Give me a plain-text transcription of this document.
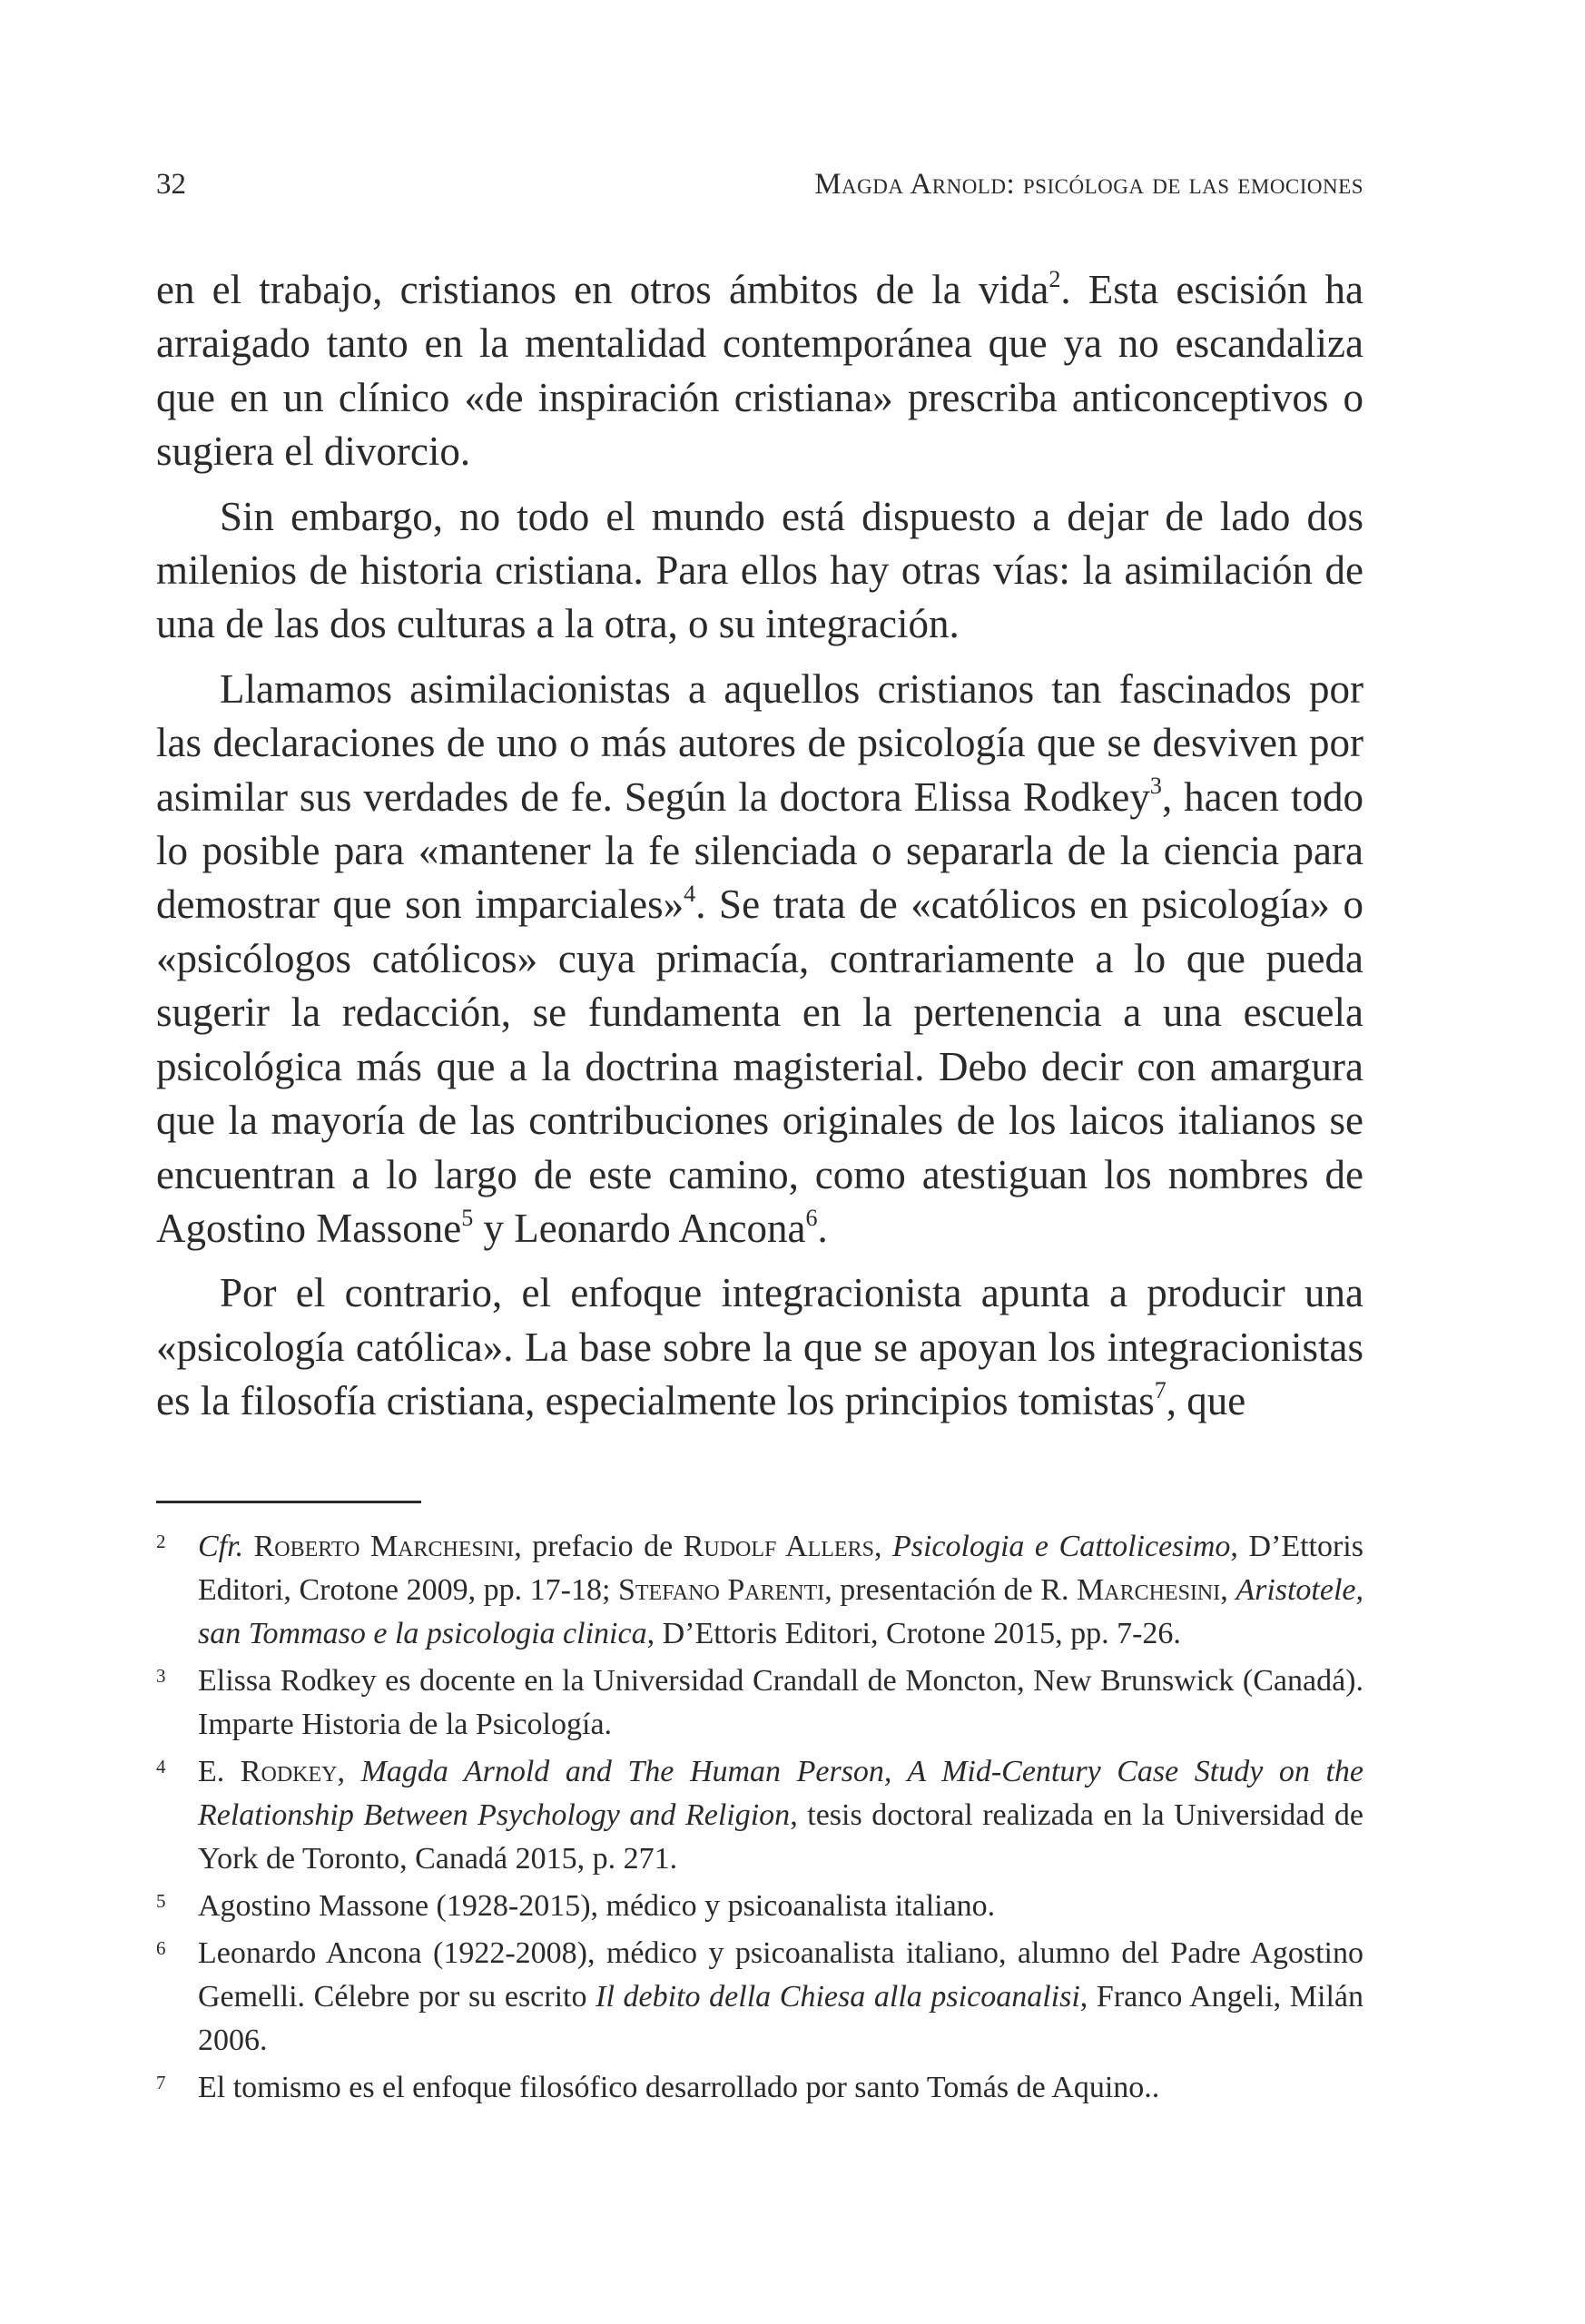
32	Magda Arnold: psicóloga de las emociones

en el trabajo, cristianos en otros ámbitos de la vida$^2$. Esta escisión ha arraigado tanto en la mentalidad contemporánea que ya no escandaliza que en un clínico «de inspiración cristiana» prescriba anticonceptivos o sugiera el divorcio.

Sin embargo, no todo el mundo está dispuesto a dejar de lado dos milenios de historia cristiana. Para ellos hay otras vías: la asimilación de una de las dos culturas a la otra, o su integración.

Llamamos asimilacionistas a aquellos cristianos tan fascinados por las declaraciones de uno o más autores de psicología que se desviven por asimilar sus verdades de fe. Según la doctora Elissa Rodkey$^3$, hacen todo lo posible para «mantener la fe silenciada o separarla de la ciencia para demostrar que son imparciales»$^4$. Se trata de «católicos en psicología» o «psicólogos católicos» cuya primacía, contrariamente a lo que pueda sugerir la redacción, se fundamenta en la pertenencia a una escuela psicológica más que a la doctrina magisterial. Debo decir con amargura que la mayoría de las contribuciones originales de los laicos italianos se encuentran a lo largo de este camino, como atestiguan los nombres de Agostino Massone$^5$ y Leonardo Ancona$^6$.

Por el contrario, el enfoque integracionista apunta a producir una «psicología católica». La base sobre la que se apoyan los integracionistas es la filosofía cristiana, especialmente los principios tomistas$^7$, que

2 Cfr. Roberto Marchesini, prefacio de Rudolf Allers, Psicologia e Cattolicesimo, D’Ettoris Editori, Crotone 2009, pp. 17-18; Stefano Parenti, presentación de R. Marchesini, Aristotele, san Tommaso e la psicologia clinica, D’Ettoris Editori, Crotone 2015, pp. 7-26.
3 Elissa Rodkey es docente en la Universidad Crandall de Moncton, New Brunswick (Canadá). Imparte Historia de la Psicología.
4 E. Rodkey, Magda Arnold and The Human Person, A Mid-Century Case Study on the Relationship Between Psychology and Religion, tesis doctoral realizada en la Universidad de York de Toronto, Canadá 2015, p. 271.
5 Agostino Massone (1928-2015), médico y psicoanalista italiano.
6 Leonardo Ancona (1922-2008), médico y psicoanalista italiano, alumno del Padre Agostino Gemelli. Célebre por su escrito Il debito della Chiesa alla psicoanalisi, Franco Angeli, Milán 2006.
7 El tomismo es el enfoque filosófico desarrollado por santo Tomás de Aquino..
